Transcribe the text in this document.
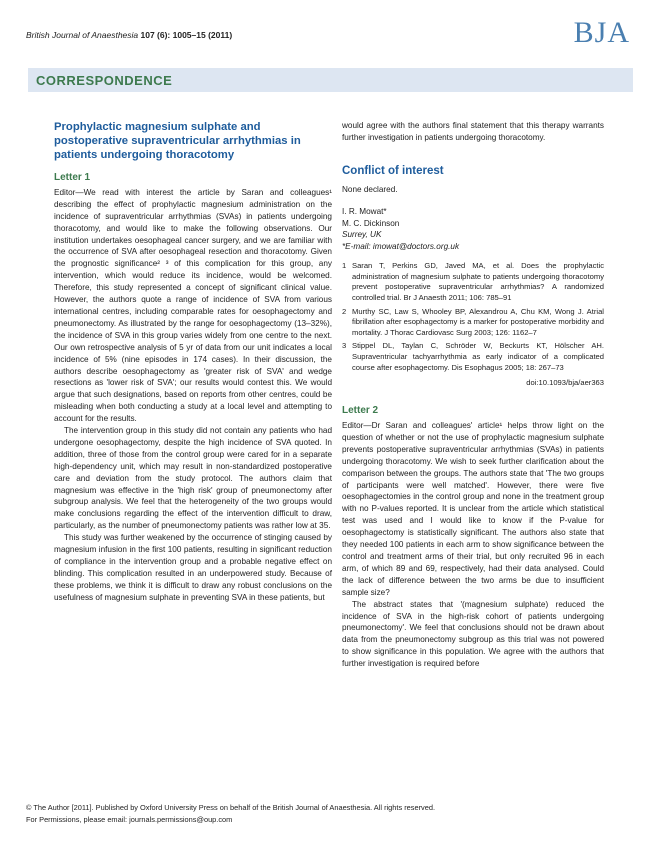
British Journal of Anaesthesia 107 (6): 1005–15 (2011)	BJA
CORRESPONDENCE
Prophylactic magnesium sulphate and postoperative supraventricular arrhythmias in patients undergoing thoracotomy
Letter 1

Editor—We read with interest the article by Saran and colleagues¹ describing the effect of prophylactic magnesium administration on the incidence of supraventricular arrhythmias (SVAs) in patients undergoing thoracotomy, and would like to make the following observations. Our institution undertakes oesophageal cancer surgery, and we are familiar with the occurrence of SVA after oesophageal resection and thoracotomy. Given the prognostic significance² ³ of this complication for this group, any intervention, which would reduce its incidence, would be welcomed. Therefore, this study represented a concept of significant clinical value. However, the authors quote a range of incidence of SVA from various international centres, including comparable rates for oesophagectomy and pneumonectomy. As illustrated by the range for oesophagectomy (13–32%), the incidence of SVA in this group varies widely from one centre to the next. Our own retrospective analysis of 5 yr of data from our unit indicates a local incidence of 5% (nine episodes in 174 cases). In their discussion, the authors describe oesophagectomy as 'greater risk of SVA' and wedge resections as 'lower risk of SVA'; our results would contest this. We would argue that such designations, based on reports from other centres, could be misleading when both conducting a study at a local level and attempting to account for the results.

The intervention group in this study did not contain any patients who had undergone oesophagectomy, despite the high incidence of SVA quoted. In addition, three of those from the control group were cared for in a separate high-dependency unit, which may result in non-standardized postoperative care and deviation from the study protocol. The authors claim that magnesium was effective in the 'high risk' group of pneumonectomy after subgroup analysis. We feel that the heterogeneity of the two groups would make conclusions regarding the effect of the intervention difficult to draw, particularly, as the number of pneumonectomy patients was rather low at 35.

This study was further weakened by the occurrence of stinging caused by magnesium infusion in the first 100 patients, resulting in significant reduction of compliance in the intervention group and a probable negative effect on blinding. This complication resulted in an underpowered study. Because of these problems, we think it is difficult to draw any robust conclusions on the usefulness of magnesium sulphate in preventing SVA in these patients, but

would agree with the authors final statement that this therapy warrants further investigation in patients undergoing thoracotomy.

Conflict of interest

None declared.

I. R. Mowat*
M. C. Dickinson
Surrey, UK
*E-mail: imowat@doctors.org.uk
1 Saran T, Perkins GD, Javed MA, et al. Does the prophylactic administration of magnesium sulphate to patients undergoing thoracotomy prevent postoperative supraventricular arrhythmias? A randomized controlled trial. Br J Anaesth 2011; 106: 785–91
2 Murthy SC, Law S, Whooley BP, Alexandrou A, Chu KM, Wong J. Atrial fibrillation after esophagectomy is a marker for postoperative morbidity and mortality. J Thorac Cardiovasc Surg 2003; 126: 1162–7
3 Stippel DL, Taylan C, Schröder W, Beckurts KT, Hölscher AH. Supraventricular tachyarrhythmia as early indicator of a complicated course after esophagectomy. Dis Esophagus 2005; 18: 267–73
doi:10.1093/bja/aer363
Letter 2

Editor—Dr Saran and colleagues' article¹ helps throw light on the question of whether or not the use of prophylactic magnesium sulphate prevents postoperative supraventricular arrhythmias (SVAs) in patients undergoing thoracotomy. We wish to seek further clarification about the comparison between the groups. The authors state that 'The two groups of participants were well matched'. However, there were five oesophagectomies in the control group and none in the treatment group with no P-values reported. It is unclear from the article which statistical test was used and I would like to know if the P-value for oesophagectomy is statistically significant. The authors also state that they needed 100 patients in each arm to show significance between the control and treatment arms of their trial, but only recruited 96 in each arm, of which 89 and 69, respectively, had their data analysed. Could the lack of difference between the two arms be due to insufficient sample size?

The abstract states that '(magnesium sulphate) reduced the incidence of SVA in the high-risk cohort of patients undergoing pneumonectomy'. We feel that conclusions should not be drawn about data from the pneumonectomy subgroup as this trial was not powered to show significance in this population. We agree with the authors that further investigation is required before

© The Author [2011]. Published by Oxford University Press on behalf of the British Journal of Anaesthesia. All rights reserved.
For Permissions, please email: journals.permissions@oup.com
